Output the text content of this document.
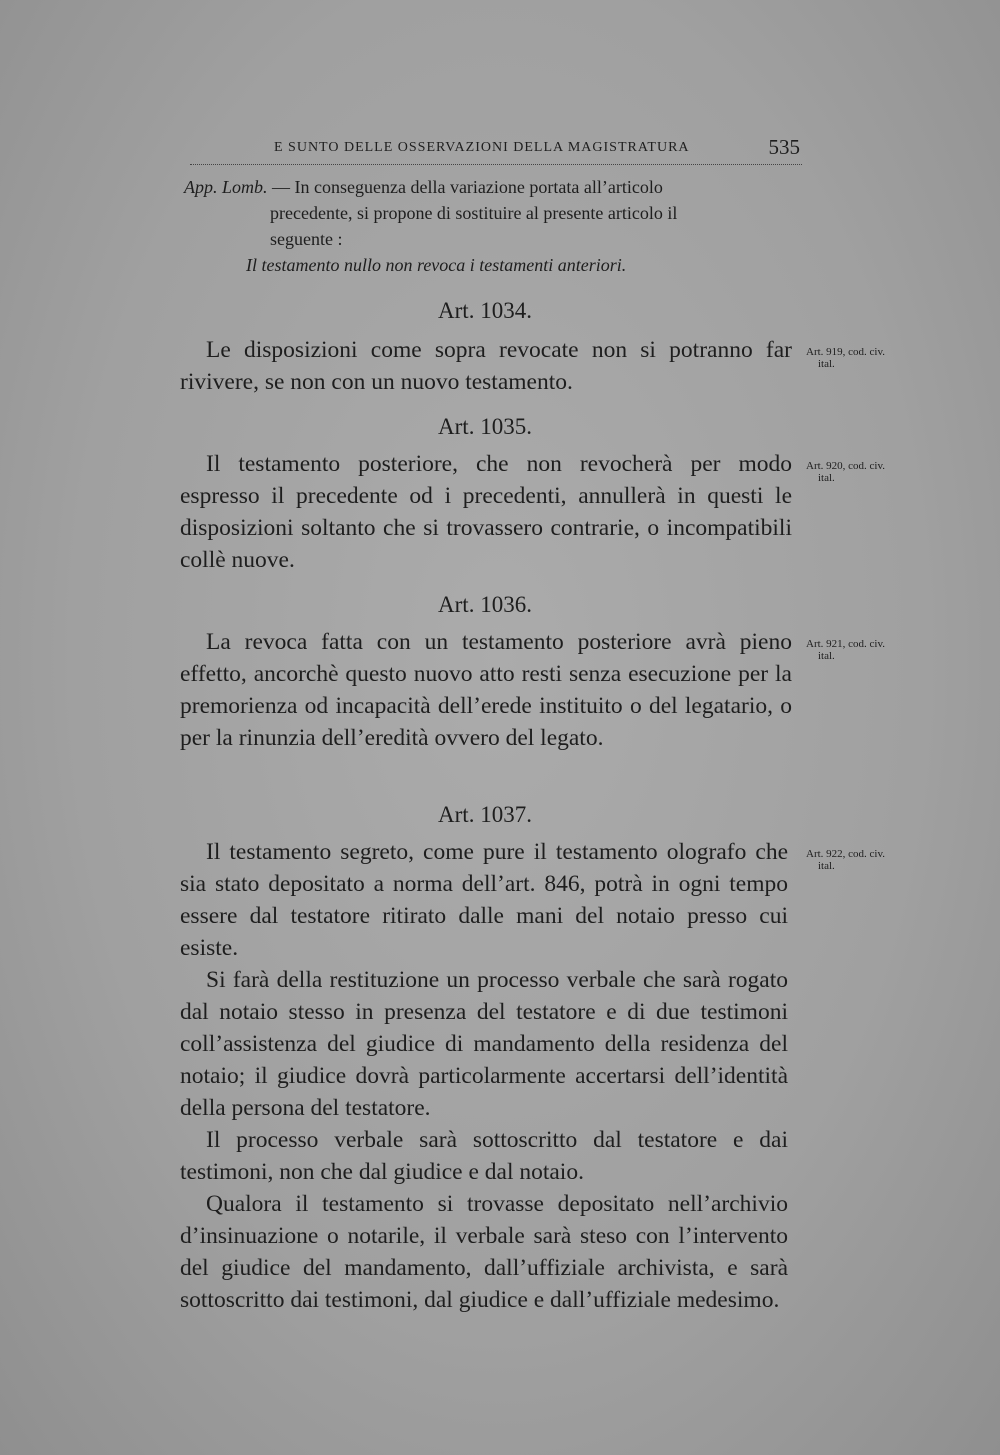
E SUNTO DELLE OSSERVAZIONI DELLA MAGISTRATURA	535

App. Lomb. — In conseguenza della variazione portata all’articolo

precedente, si propone di sostituire al presente articolo il

seguente :

Il testamento nullo non revoca i testamenti anteriori.

Art. 1034.

Le disposizioni come sopra revocate non si potranno far rivivere, se non con un nuovo testamento.

Art. 919, cod. civ.
ital.
Art. 1035.

Il testamento posteriore, che non revocherà per modo espresso il precedente od i precedenti, annullerà in questi le disposizioni soltanto che si trovassero contrarie, o incompatibili collè nuove.

Art. 920, cod. civ.
ital.
Art. 1036.

La revoca fatta con un testamento posteriore avrà pieno effetto, ancorchè questo nuovo atto resti senza esecuzione per la premorienza od incapacità dell’erede instituito o del legatario, o per la rinunzia dell’eredità ovvero del legato.

Art. 921, cod. civ.
ital.
Art. 1037.

Il testamento segreto, come pure il testamento olografo che sia stato depositato a norma dell’art. 846, potrà in ogni tempo essere dal testatore ritirato dalle mani del notaio presso cui esiste.

Si farà della restituzione un processo verbale che sarà rogato dal notaio stesso in presenza del testatore e di due testimoni coll’assistenza del giudice di mandamento della residenza del notaio; il giudice dovrà particolarmente accertarsi dell’identità della persona del testatore.

Il processo verbale sarà sottoscritto dal testatore e dai testimoni, non che dal giudice e dal notaio.

Qualora il testamento si trovasse depositato nell’archivio d’insinuazione o notarile, il verbale sarà steso con l’intervento del giudice del mandamento, dall’uffiziale archivista, e sarà sottoscritto dai testimoni, dal giudice e dall’uffiziale medesimo.

Art. 922, cod. civ.
ital.
